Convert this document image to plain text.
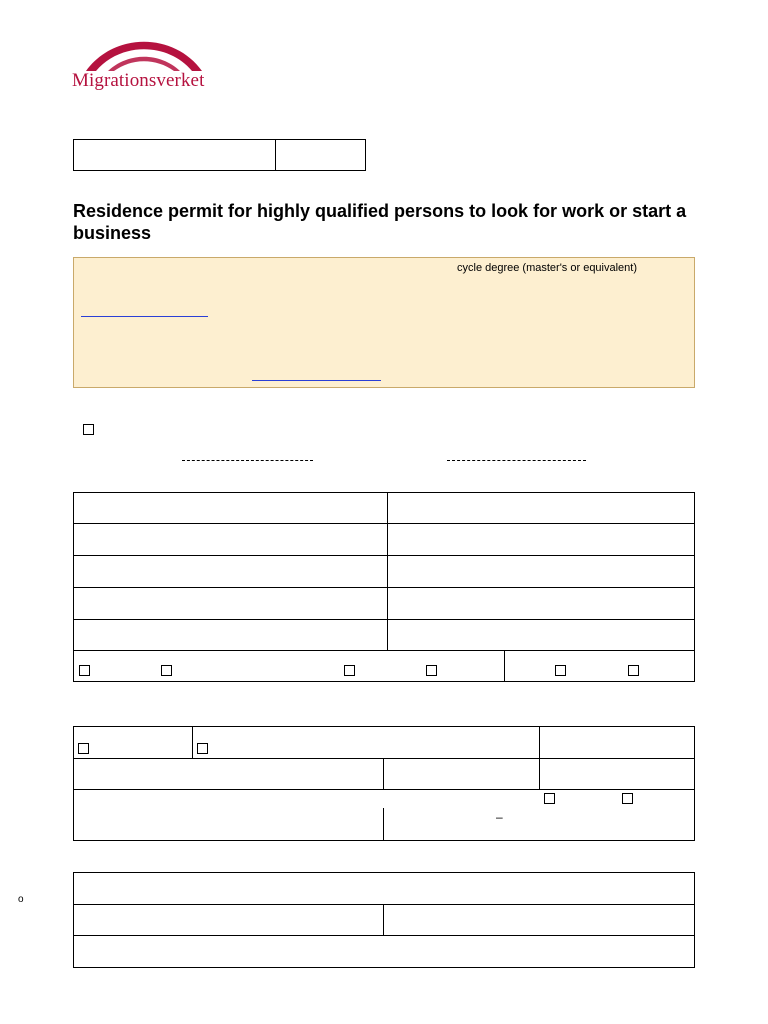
Migrationsverket
Residence permit for highly qualified persons to look for work or start a business
cycle degree (master's or equivalent)
–
o
